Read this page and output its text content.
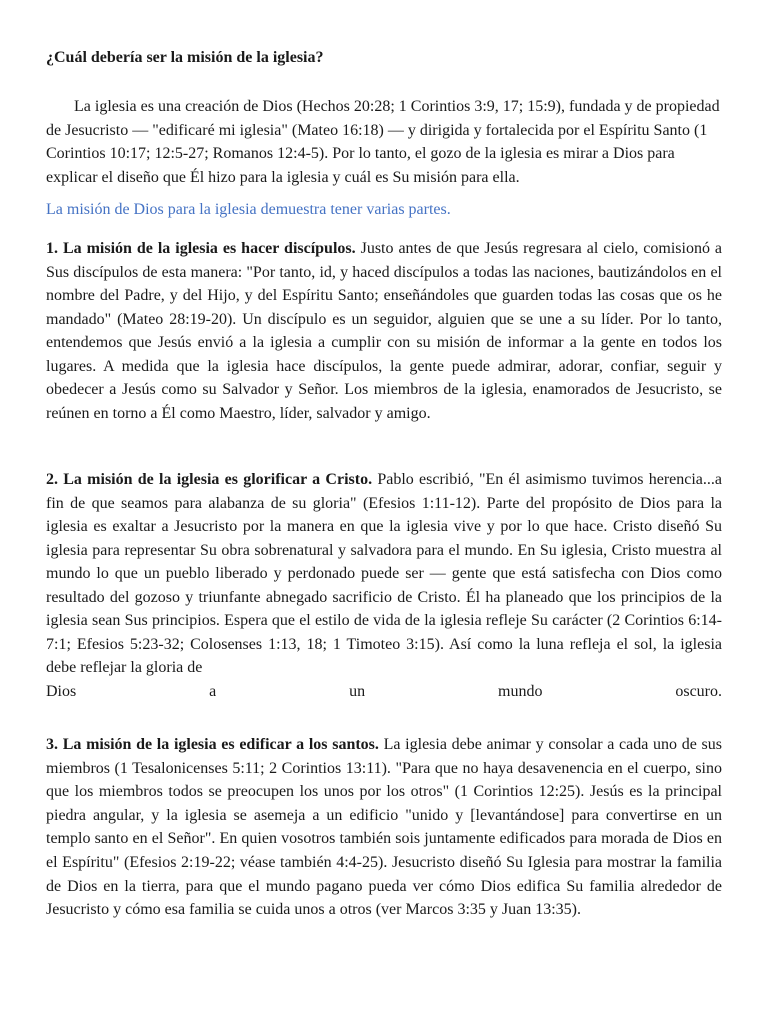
¿Cuál debería ser la misión de la iglesia?

La iglesia es una creación de Dios (Hechos 20:28; 1 Corintios 3:9, 17; 15:9), fundada y de propiedad de Jesucristo — "edificaré mi iglesia" (Mateo 16:18) — y dirigida y fortalecida por el Espíritu Santo (1 Corintios 10:17; 12:5-27; Romanos 12:4-5). Por lo tanto, el gozo de la iglesia es mirar a Dios para explicar el diseño que Él hizo para la iglesia y cuál es Su misión para ella.

La misión de Dios para la iglesia demuestra tener varias partes.

1. La misión de la iglesia es hacer discípulos. Justo antes de que Jesús regresara al cielo, comisionó a Sus discípulos de esta manera: "Por tanto, id, y haced discípulos a todas las naciones, bautizándolos en el nombre del Padre, y del Hijo, y del Espíritu Santo; enseñándoles que guarden todas las cosas que os he mandado" (Mateo 28:19-20). Un discípulo es un seguidor, alguien que se une a su líder. Por lo tanto, entendemos que Jesús envió a la iglesia a cumplir con su misión de informar a la gente en todos los lugares. A medida que la iglesia hace discípulos, la gente puede admirar, adorar, confiar, seguir y obedecer a Jesús como su Salvador y Señor. Los miembros de la iglesia, enamorados de Jesucristo, se reúnen en torno a Él como Maestro, líder, salvador y amigo.

2. La misión de la iglesia es glorificar a Cristo. Pablo escribió, "En él asimismo tuvimos herencia...a fin de que seamos para alabanza de su gloria" (Efesios 1:11-12). Parte del propósito de Dios para la iglesia es exaltar a Jesucristo por la manera en que la iglesia vive y por lo que hace. Cristo diseñó Su iglesia para representar Su obra sobrenatural y salvadora para el mundo. En Su iglesia, Cristo muestra al mundo lo que un pueblo liberado y perdonado puede ser — gente que está satisfecha con Dios como resultado del gozoso y triunfante abnegado sacrificio de Cristo. Él ha planeado que los principios de la iglesia sean Sus principios. Espera que el estilo de vida de la iglesia refleje Su carácter (2 Corintios 6:14-7:1; Efesios 5:23-32; Colosenses 1:13, 18; 1 Timoteo 3:15). Así como la luna refleja el sol, la iglesia debe reflejar la gloria de
Dios a un mundo oscuro.

3. La misión de la iglesia es edificar a los santos. La iglesia debe animar y consolar a cada uno de sus miembros (1 Tesalonicenses 5:11; 2 Corintios 13:11). "Para que no haya desavenencia en el cuerpo, sino que los miembros todos se preocupen los unos por los otros" (1 Corintios 12:25). Jesús es la principal piedra angular, y la iglesia se asemeja a un edificio "unido y [levantándose] para convertirse en un templo santo en el Señor". En quien vosotros también sois juntamente edificados para morada de Dios en el Espíritu" (Efesios 2:19-22; véase también 4:4-25). Jesucristo diseñó Su Iglesia para mostrar la familia de Dios en la tierra, para que el mundo pagano pueda ver cómo Dios edifica Su familia alrededor de Jesucristo y cómo esa familia se cuida unos a otros (ver Marcos 3:35 y Juan 13:35).
